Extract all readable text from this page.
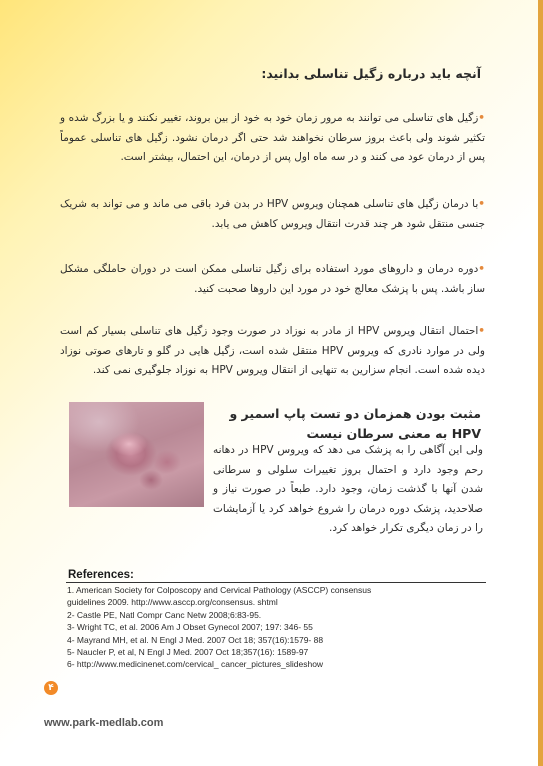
آنچه باید درباره زگیل تناسلی بدانید:
•زگیل های تناسلی می توانند به مرور زمان خود به خود از بین بروند، تغییر نکنند و یا بزرگ شده و تکثیر شوند ولی باعث بروز سرطان نخواهند شد حتی اگر درمان نشود. زگیل های تناسلی عموماً پس از درمان عود می کنند و در سه ماه اول پس از درمان، این احتمال، بیشتر است.
•با درمان زگیل های تناسلی همچنان ویروس HPV در بدن فرد باقی می ماند و می تواند به شریک جنسی منتقل شود هر چند قدرت انتقال ویروس کاهش می یابد.
•دوره درمان و داروهای مورد استفاده برای زگیل تناسلی ممکن است در دوران حاملگی مشکل ساز باشد. پس با پزشک معالج خود در مورد این داروها صحبت کنید.
•احتمال انتقال ویروس HPV از مادر به نوزاد در صورت وجود زگیل های تناسلی بسیار کم است ولی در موارد نادری که ویروس HPV منتقل شده است، زگیل هایی در گلو و تارهای صوتی نوزاد دیده شده است. انجام سزارین به تنهایی از انتقال ویروس HPV به نوزاد جلوگیری نمی کند.
مثبت بودن همزمان دو تست پاپ اسمیر و HPV به معنی سرطان نیست
ولی این آگاهی را به پزشک می دهد که ویروس HPV در دهانه رحم وجود دارد و احتمال بروز تغییرات سلولی و سرطانی شدن آنها با گذشت زمان، وجود دارد. طبعاً در صورت نیاز و صلاحدید، پزشک دوره درمان را شروع خواهد کرد یا آزمایشات را در زمان دیگری تکرار خواهد کرد.
References:
1. American Society for Colposcopy and Cervical Pathology (ASCCP) consensus
guidelines 2009. http://www.asccp.org/consensus. shtml
2- Castle PE, Natl Compr Canc Netw 2008;6:83-95.
3- Wright TC, et al. 2006 Am J Obset Gynecol 2007; 197: 346- 55
4- Mayrand MH, et al. N Engl J Med. 2007 Oct 18; 357(16):1579- 88
5- Naucler P, et al, N Engl J Med. 2007 Oct 18;357(16): 1589-97
6- http://www.medicinenet.com/cervical_ cancer_pictures_slideshow
۴
www.park-medlab.com
